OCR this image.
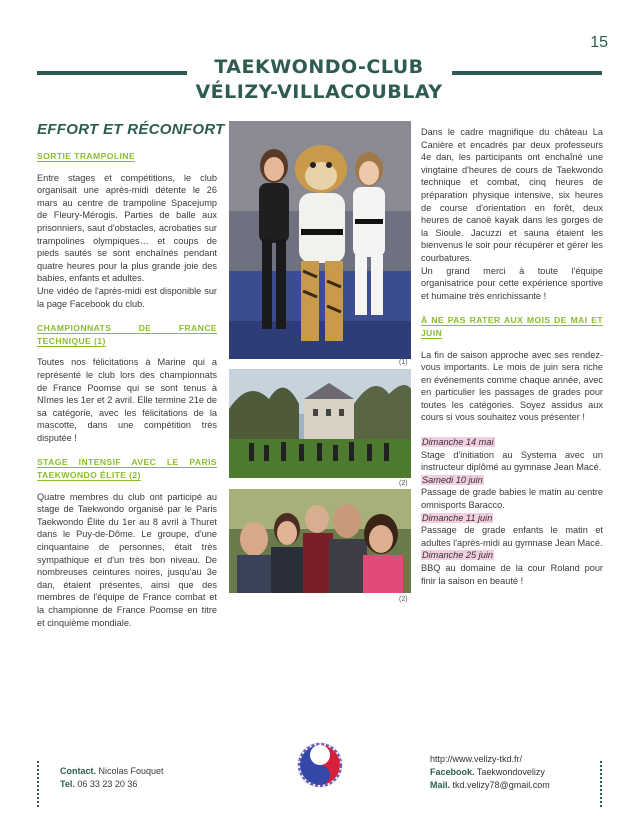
15
TAEKWONDO-CLUB
VÉLIZY-VILLACOUBLAY
EFFORT ET RÉCONFORT
SORTIE TRAMPOLINE

Entre stages et compétitions, le club organisait une après-midi détente le 26 mars au centre de trampoline Spacejump de Fleury-Mérogis. Parties de balle aux prisonniers, saut d'obstacles, acrobaties sur trampolines olympiques… et coups de pieds sautés se sont enchaînés pendant quatre heures pour la plus grande joie des babies, enfants et adultes.

Une vidéo de l'après-midi est disponible sur la page Facebook du club.

CHAMPIONNATS DE FRANCE TECHNIQUE (1)

Toutes nos félicitations à Marine qui a représenté le club lors des championnats de France Poomse qui se sont tenus à Nîmes les 1er et 2 avril. Elle termine 21e de sa catégorie, avec les félicitations de la mascotte, dans une compétition très disputée !

STAGE INTENSIF AVEC LE PARIS TAEKWONDO ÉLITE (2)

Quatre membres du club ont participé au stage de Taekwondo organisé par le Paris Taekwondo Élite du 1er au 8 avril à Thuret dans le Puy-de-Dôme. Le groupe, d'une cinquantaine de personnes, était très sympathique et d'un très bon niveau. De nombreuses ceintures noires, jusqu'au 3e dan, étaient présentes, ainsi que des membres de l'équipe de France combat et la championne de France Poomse en titre et cinquième mondiale.

(1)
(2)
(2)

Dans le cadre magnifique du château La Canière et encadrés par deux professeurs 4e dan, les participants ont enchaîné une vingtaine d'heures de cours de Taekwondo technique et combat, cinq heures de préparation physique intensive, six heures de course d'orientation en forêt, deux heures de canoë kayak dans les gorges de la Sioule. Jacuzzi et sauna étaient les bienvenus le soir pour récupérer et gérer les courbatures.

Un grand merci à toute l'équipe organisatrice pour cette expérience sportive et humaine très enrichissante !

À NE PAS RATER AUX MOIS DE MAI ET JUIN

La fin de saison approche avec ses rendez-vous importants. Le mois de juin sera riche en événements comme chaque année, avec en particulier les passages de grades pour toutes les catégories. Soyez assidus aux cours si vous souhaitez vous présenter !

Dimanche 14 mai

Stage d'initiation au Systema avec un instructeur diplômé au gymnase Jean Macé.

Samedi 10 juin

Passage de grade babies le matin au centre omnisports Baracco.

Dimanche 11 juin

Passage de grade enfants le matin et adultes l'après-midi au gymnase Jean Macé.

Dimanche 25 juin

BBQ au domaine de la cour Roland pour finir la saison en beauté !

Contact. Nicolas Fouquet
Tel. 06 33 23 20 36
http://www.velizy-tkd.fr/
Facebook. Taekwondovelizy
Mail. tkd.velizy78@gmail.com
